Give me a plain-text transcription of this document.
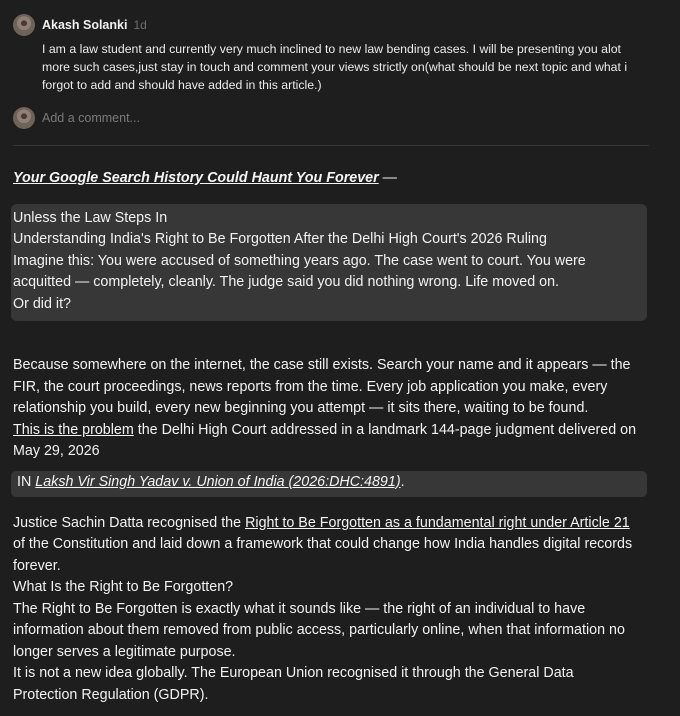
Akash Solanki 1d
I am a law student and currently very much inclined to new law bending cases. I will be presenting you alot
more such cases,just stay in touch and comment your views strictly on(what should be next topic and what i
forgot to add and should have added in this article.)
Add a comment...
Your Google Search History Could Haunt You Forever —
Unless the Law Steps In
Understanding India's Right to Be Forgotten After the Delhi High Court's 2026 Ruling
Imagine this: You were accused of something years ago. The case went to court. You were
acquitted — completely, cleanly. The judge said you did nothing wrong. Life moved on.
Or did it?
Because somewhere on the internet, the case still exists. Search your name and it appears — the
FIR, the court proceedings, news reports from the time. Every job application you make, every
relationship you build, every new beginning you attempt — it sits there, waiting to be found.
This is the problem the Delhi High Court addressed in a landmark 144-page judgment delivered on
May 29, 2026
IN Laksh Vir Singh Yadav v. Union of India (2026:DHC:4891).
Justice Sachin Datta recognised the Right to Be Forgotten as a fundamental right under Article 21
of the Constitution and laid down a framework that could change how India handles digital records
forever.
What Is the Right to Be Forgotten?
The Right to Be Forgotten is exactly what it sounds like — the right of an individual to have
information about them removed from public access, particularly online, when that information no
longer serves a legitimate purpose.
It is not a new idea globally. The European Union recognised it through the General Data
Protection Regulation (GDPR).
